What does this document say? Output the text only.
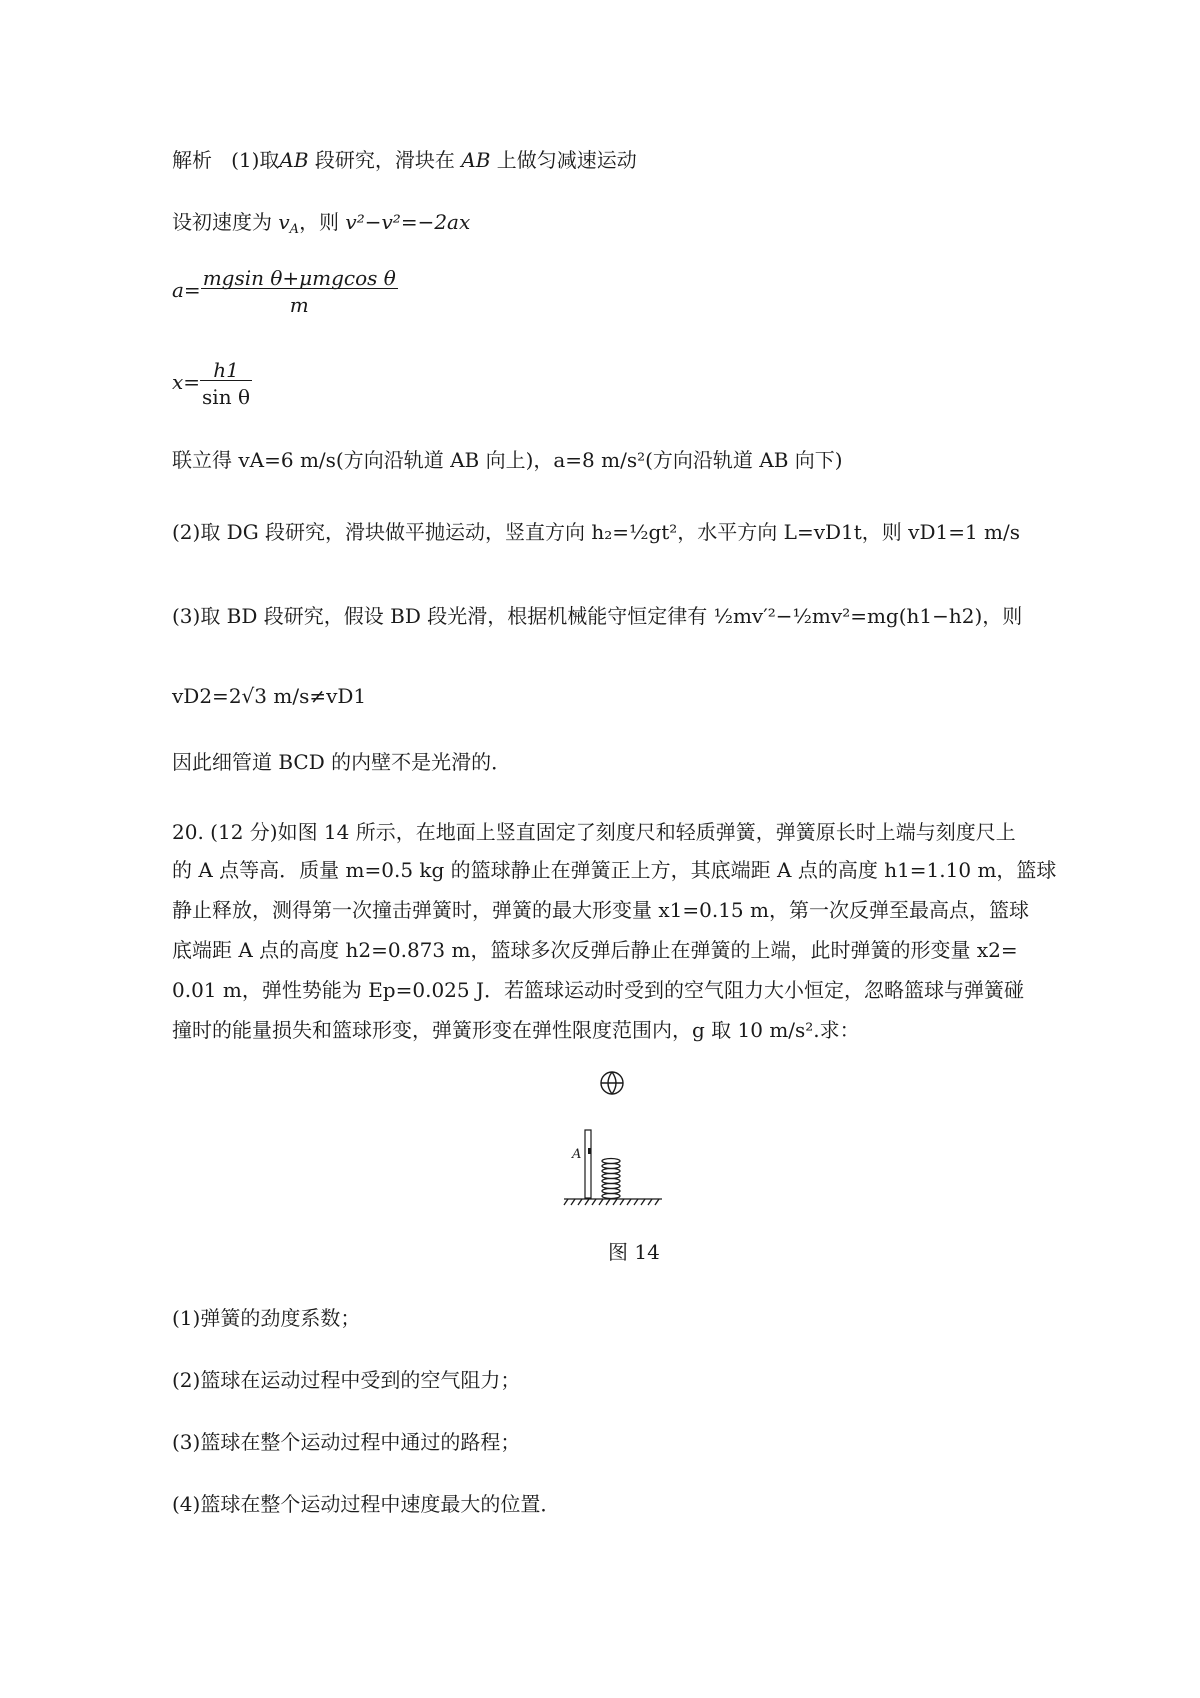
解析 (1)取AB 段研究，滑块在 AB 上做匀减速运动
设初速度为 $v_A$，则 v²−v²=−2ax
$a= \frac{\text{mgsin θ+μmgcos θ}}{m}$
$x= \frac{h1}{\text{sin θ}}$
联立得 vA=6 m/s(方向沿轨道 AB 向上)，a=8 m/s²(方向沿轨道 AB 向下)
(2)取 DG 段研究，滑块做平抛运动，竖直方向 h₂=½gt²，水平方向 L=vD1t，则 vD1=1 m/s
(3)取 BD 段研究，假设 BD 段光滑，根据机械能守恒定律有 ½mv′²−½mv²=mg(h1−h2)，则
vD2=2√3 m/s≠vD1
因此细管道 BCD 的内壁不是光滑的．
20. (12 分)如图 14 所示，在地面上竖直固定了刻度尺和轻质弹簧，弹簧原长时上端与刻度尺上
的 A 点等高．质量 m=0.5 kg 的篮球静止在弹簧正上方，其底端距 A 点的高度 h1=1.10 m，篮球
静止释放，测得第一次撞击弹簧时，弹簧的最大形变量 x1=0.15 m，第一次反弹至最高点，篮球
底端距 A 点的高度 h2=0.873 m，篮球多次反弹后静止在弹簧的上端，此时弹簧的形变量 x2=
0.01 m，弹性势能为 Ep=0.025 J．若篮球运动时受到的空气阻力大小恒定，忽略篮球与弹簧碰
撞时的能量损失和篮球形变，弹簧形变在弹性限度范围内，g 取 10 m/s².求：
A
图 14
(1)弹簧的劲度系数；
(2)篮球在运动过程中受到的空气阻力；
(3)篮球在整个运动过程中通过的路程；
(4)篮球在整个运动过程中速度最大的位置．
